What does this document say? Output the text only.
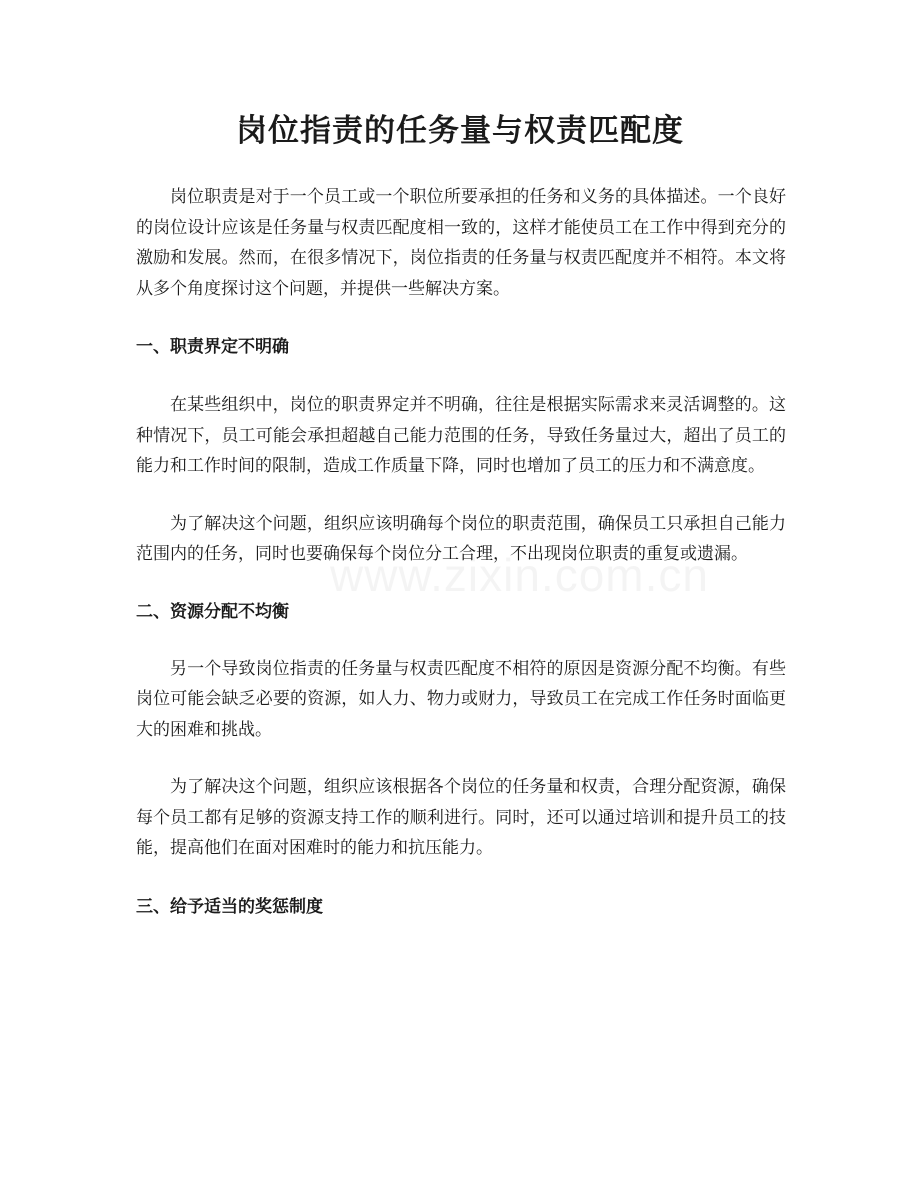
岗位指责的任务量与权责匹配度

岗位职责是对于一个员工或一个职位所要承担的任务和义务的具体描述。一个良好的岗位设计应该是任务量与权责匹配度相一致的，这样才能使员工在工作中得到充分的激励和发展。然而，在很多情况下，岗位指责的任务量与权责匹配度并不相符。本文将从多个角度探讨这个问题，并提供一些解决方案。

一、职责界定不明确

在某些组织中，岗位的职责界定并不明确，往往是根据实际需求来灵活调整的。这种情况下，员工可能会承担超越自己能力范围的任务，导致任务量过大，超出了员工的能力和工作时间的限制，造成工作质量下降，同时也增加了员工的压力和不满意度。

为了解决这个问题，组织应该明确每个岗位的职责范围，确保员工只承担自己能力范围内的任务，同时也要确保每个岗位分工合理，不出现岗位职责的重复或遗漏。

二、资源分配不均衡

另一个导致岗位指责的任务量与权责匹配度不相符的原因是资源分配不均衡。有些岗位可能会缺乏必要的资源，如人力、物力或财力，导致员工在完成工作任务时面临更大的困难和挑战。

为了解决这个问题，组织应该根据各个岗位的任务量和权责，合理分配资源，确保每个员工都有足够的资源支持工作的顺利进行。同时，还可以通过培训和提升员工的技能，提高他们在面对困难时的能力和抗压能力。

三、给予适当的奖惩制度
